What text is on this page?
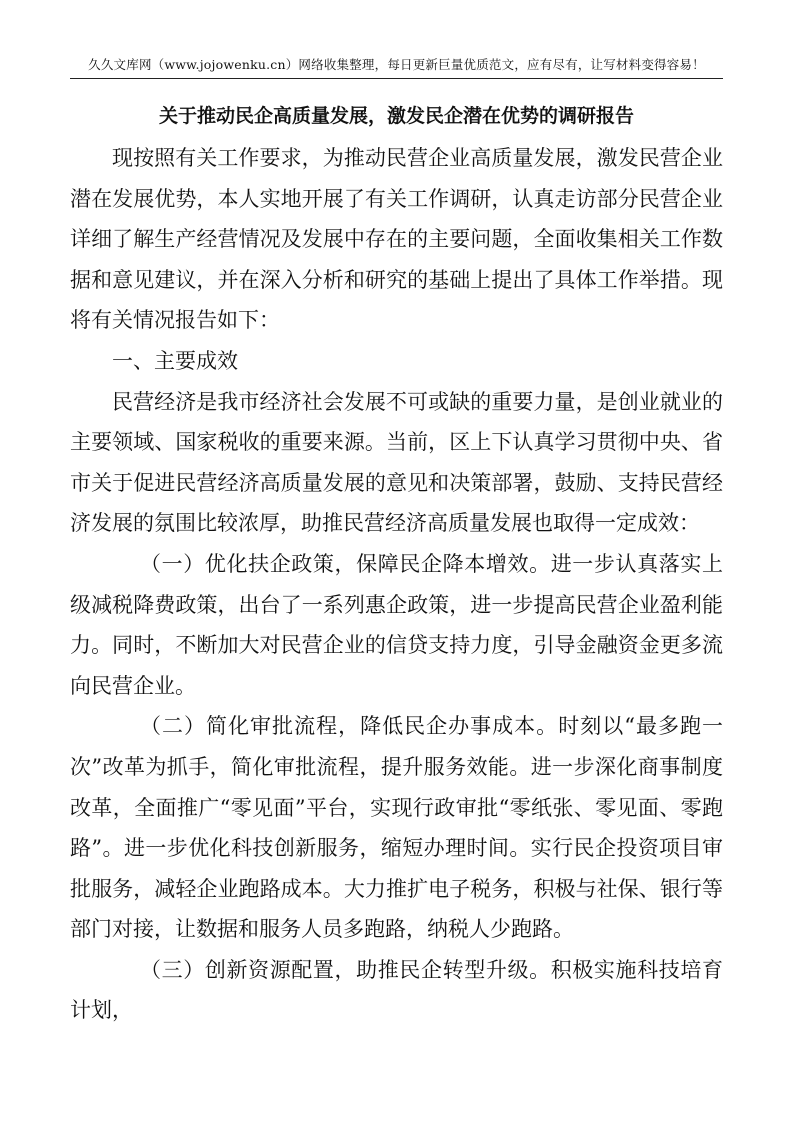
久久文库网（www.jojowenku.cn）网络收集整理，每日更新巨量优质范文，应有尽有，让写材料变得容易！
关于推动民企高质量发展，激发民企潜在优势的调研报告

现按照有关工作要求，为推动民营企业高质量发展，激发民营企业潜在发展优势，本人实地开展了有关工作调研，认真走访部分民营企业详细了解生产经营情况及发展中存在的主要问题，全面收集相关工作数据和意见建议，并在深入分析和研究的基础上提出了具体工作举措。现将有关情况报告如下：

一、主要成效

民营经济是我市经济社会发展不可或缺的重要力量，是创业就业的主要领域、国家税收的重要来源。当前，区上下认真学习贯彻中央、省市关于促进民营经济高质量发展的意见和决策部署，鼓励、支持民营经济发展的氛围比较浓厚，助推民营经济高质量发展也取得一定成效：

（一）优化扶企政策，保障民企降本增效。进一步认真落实上级减税降费政策，出台了一系列惠企政策，进一步提高民营企业盈利能力。同时，不断加大对民营企业的信贷支持力度，引导金融资金更多流向民营企业。

（二）简化审批流程，降低民企办事成本。时刻以“最多跑一次”改革为抓手，简化审批流程，提升服务效能。进一步深化商事制度改革，全面推广“零见面”平台，实现行政审批“零纸张、零见面、零跑路”。进一步优化科技创新服务，缩短办理时间。实行民企投资项目审批服务，减轻企业跑路成本。大力推扩电子税务，积极与社保、银行等部门对接，让数据和服务人员多跑路，纳税人少跑路。

（三）创新资源配置，助推民企转型升级。积极实施科技培育计划，
